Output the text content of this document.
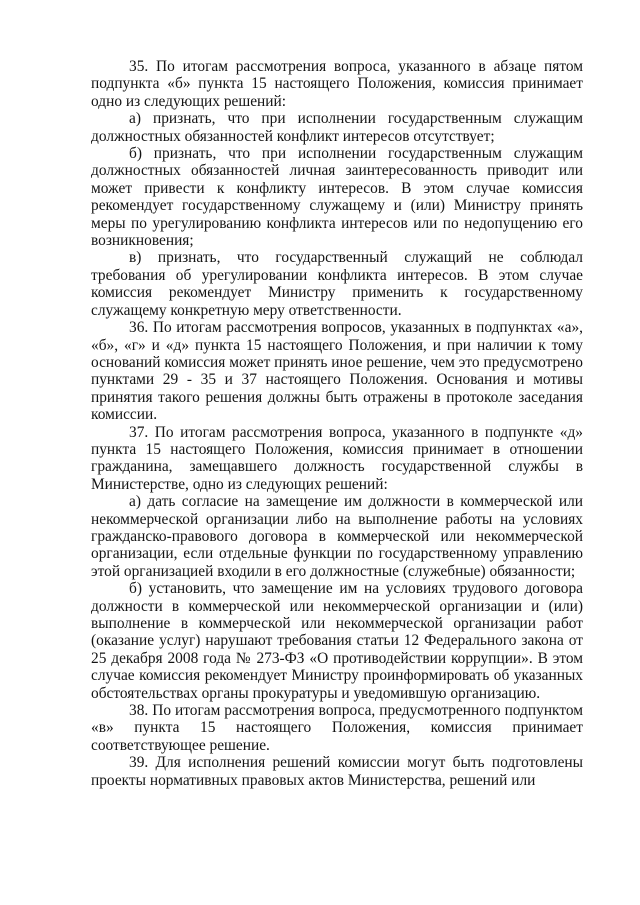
35. По итогам рассмотрения вопроса, указанного в абзаце пятом подпункта «б» пункта 15 настоящего Положения, комиссия принимает одно из следующих решений:

а) признать, что при исполнении государственным служащим должностных обязанностей конфликт интересов отсутствует;

б) признать, что при исполнении государственным служащим должностных обязанностей личная заинтересованность приводит или может привести к конфликту интересов. В этом случае комиссия рекомендует государственному служащему и (или) Министру принять меры по урегулированию конфликта интересов или по недопущению его возникновения;

в) признать, что государственный служащий не соблюдал требования об урегулировании конфликта интересов. В этом случае комиссия рекомендует Министру применить к государственному служащему конкретную меру ответственности.

36. По итогам рассмотрения вопросов, указанных в подпунктах «а», «б», «г» и «д» пункта 15 настоящего Положения, и при наличии к тому оснований комиссия может принять иное решение, чем это предусмотрено пунктами 29 - 35 и 37 настоящего Положения. Основания и мотивы принятия такого решения должны быть отражены в протоколе заседания комиссии.

37. По итогам рассмотрения вопроса, указанного в подпункте «д» пункта 15 настоящего Положения, комиссия принимает в отношении гражданина, замещавшего должность государственной службы в Министерстве, одно из следующих решений:

а) дать согласие на замещение им должности в коммерческой или некоммерческой организации либо на выполнение работы на условиях гражданско-правового договора в коммерческой или некоммерческой организации, если отдельные функции по государственному управлению этой организацией входили в его должностные (служебные) обязанности;

б) установить, что замещение им на условиях трудового договора должности в коммерческой или некоммерческой организации и (или) выполнение в коммерческой или некоммерческой организации работ (оказание услуг) нарушают требования статьи 12 Федерального закона от 25 декабря 2008 года № 273-ФЗ «О противодействии коррупции». В этом случае комиссия рекомендует Министру проинформировать об указанных обстоятельствах органы прокуратуры и уведомившую организацию.

38. По итогам рассмотрения вопроса, предусмотренного подпунктом «в» пункта 15 настоящего Положения, комиссия принимает соответствующее решение.

39. Для исполнения решений комиссии могут быть подготовлены проекты нормативных правовых актов Министерства, решений или
